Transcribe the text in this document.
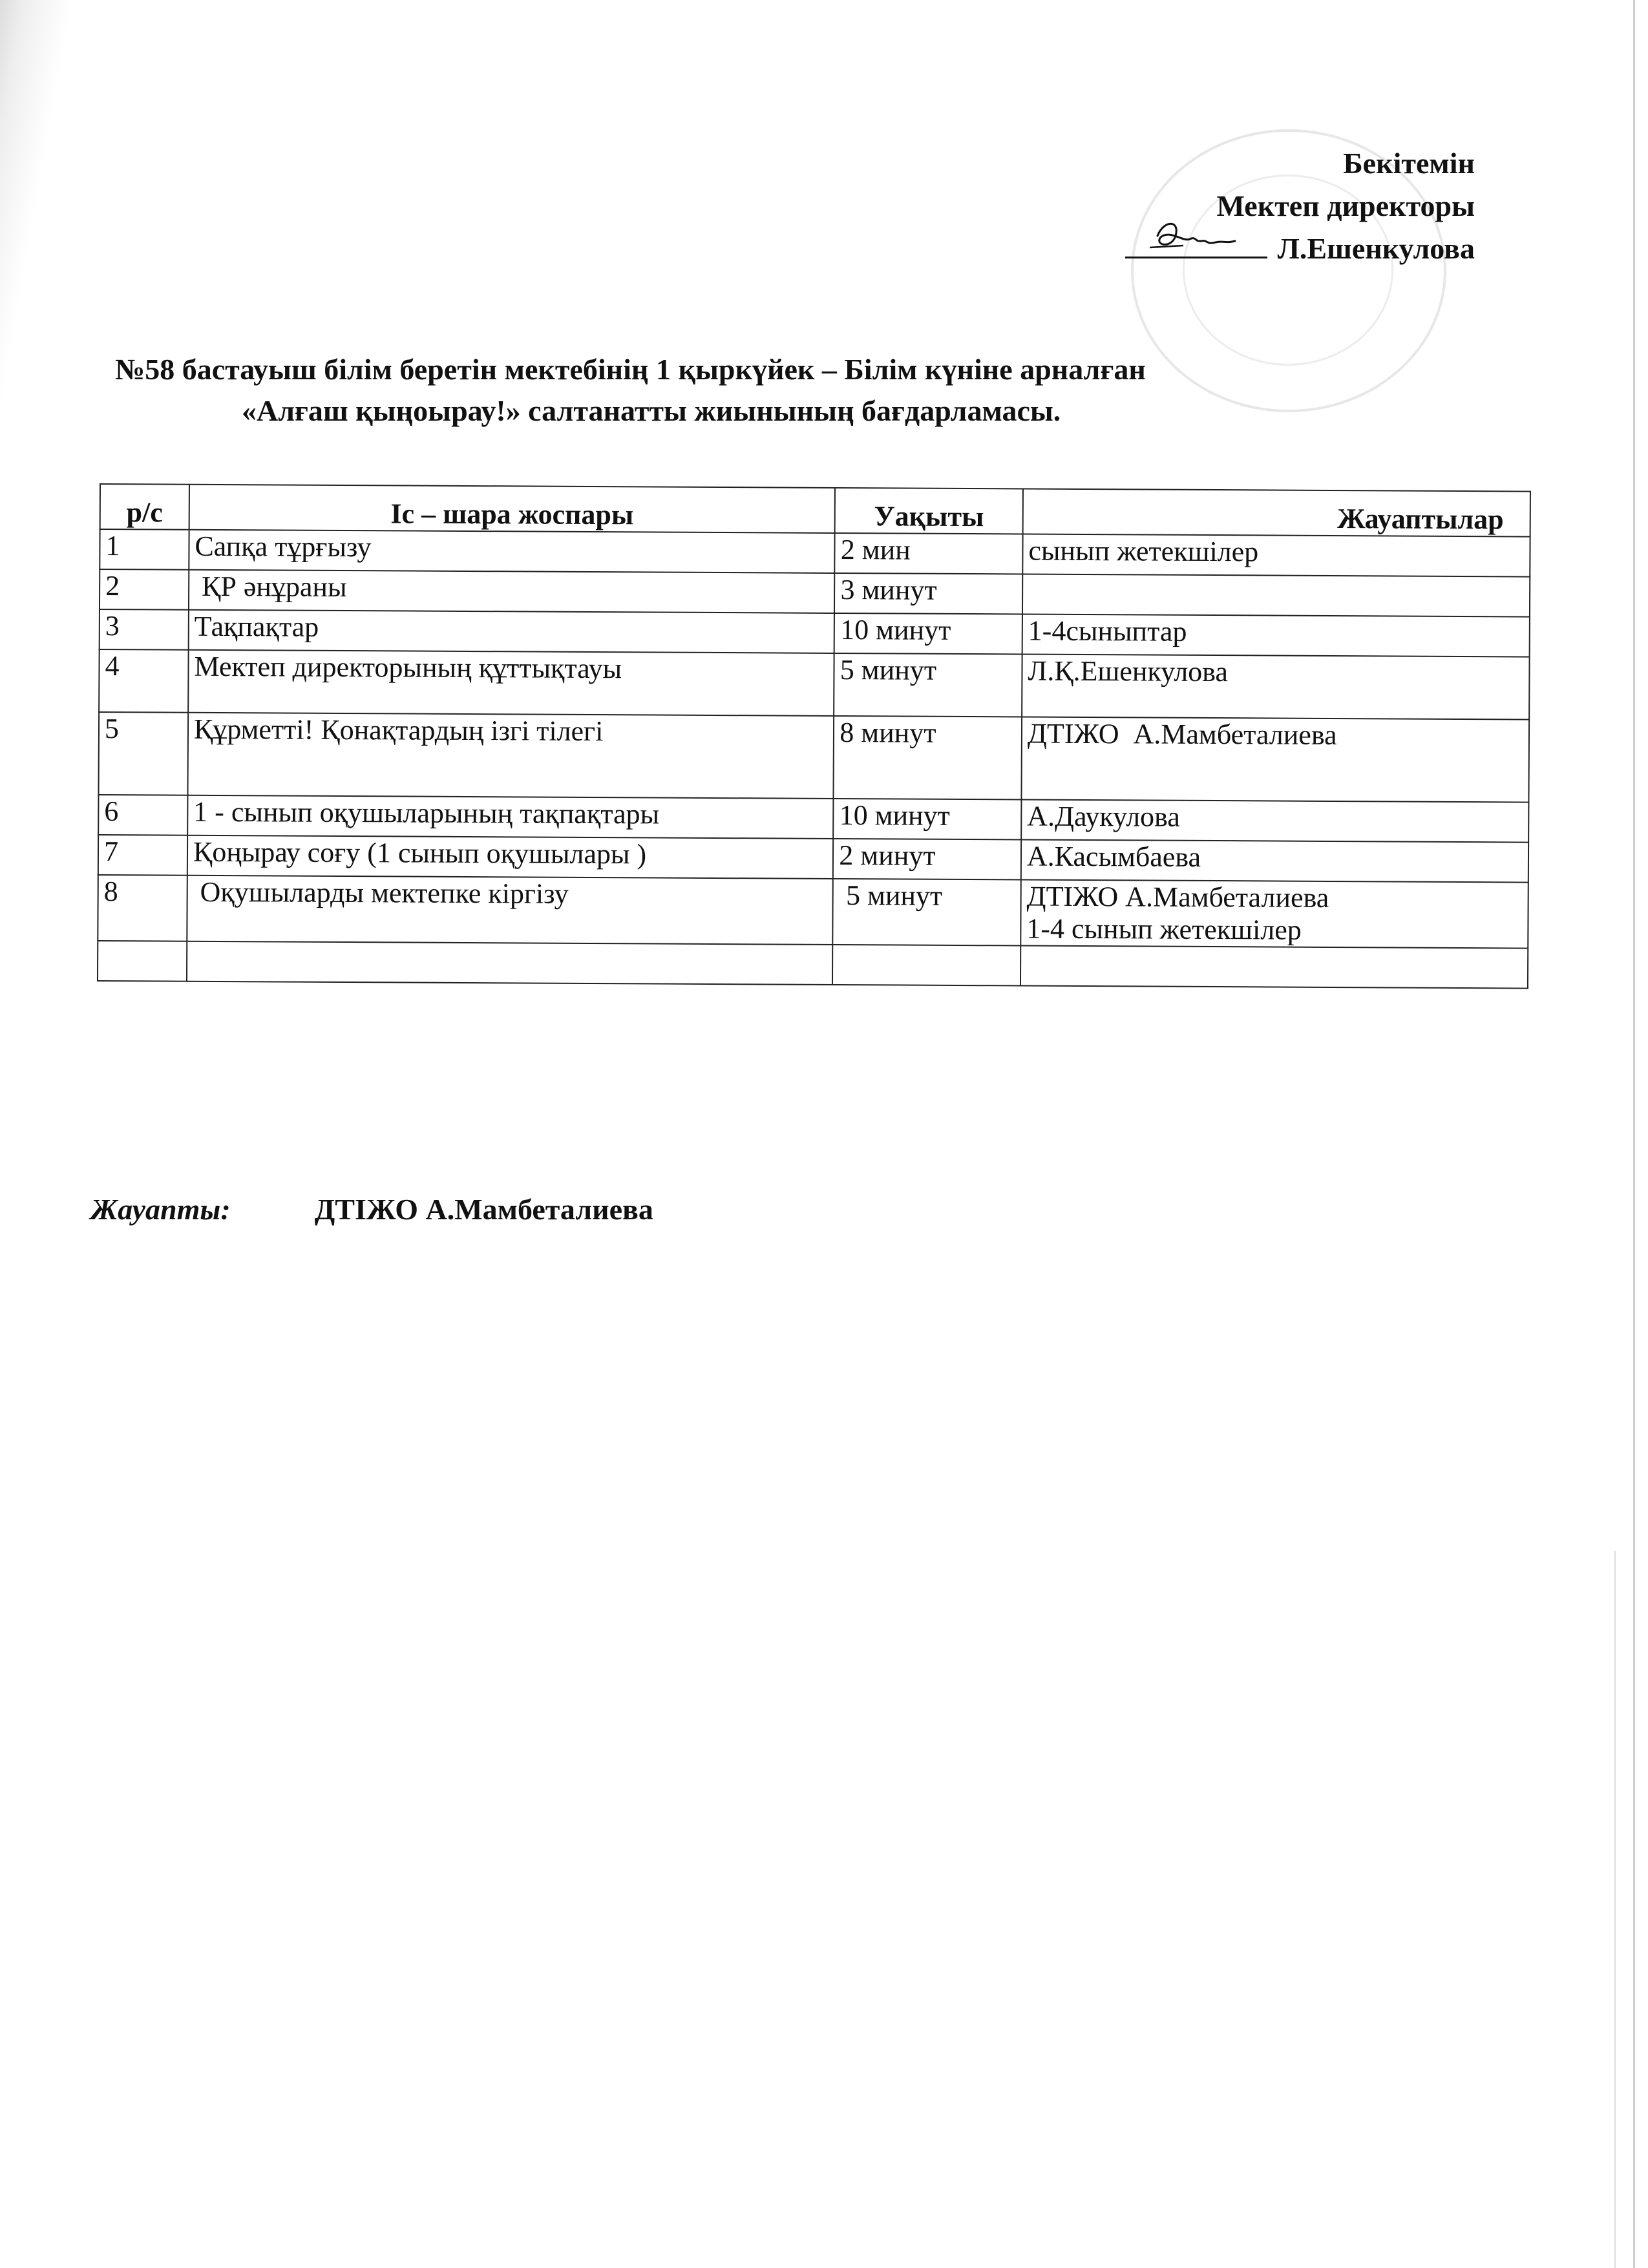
Бекітемін
Мектеп директоры
Л.Ешенкулова
№58 бастауыш білім беретін мектебінің 1 қыркүйек – Білім күніне арналған
«Алғаш қыңоырау!» салтанатты жиынының бағдарламасы.
р/с	Іс – шара жоспары	Уақыты	Жауаптылар
1	Сапқа тұрғызу	2 мин	сынып жетекшілер
2	ҚР әнұраны	3 минут	
3	Тақпақтар	10 минут	1-4сыныптар
4	Мектеп директорының құттықтауы	5 минут	Л.Қ.Ешенкулова
5	Құрметті! Қонақтардың ізгі тілегі	8 минут	ДТІЖО  А.Мамбеталиева
6	1 - сынып оқушыларының тақпақтары	10 минут	А.Даукулова
7	Қоңырау соғу (1 сынып оқушылары )	2 минут	А.Касымбаева
8	Оқушыларды мектепке кіргізу	5 минут	ДТІЖО А.Мамбеталиева
1-4 сынып жетекшілер

Жауапты:	ДТІЖО А.Мамбеталиева
